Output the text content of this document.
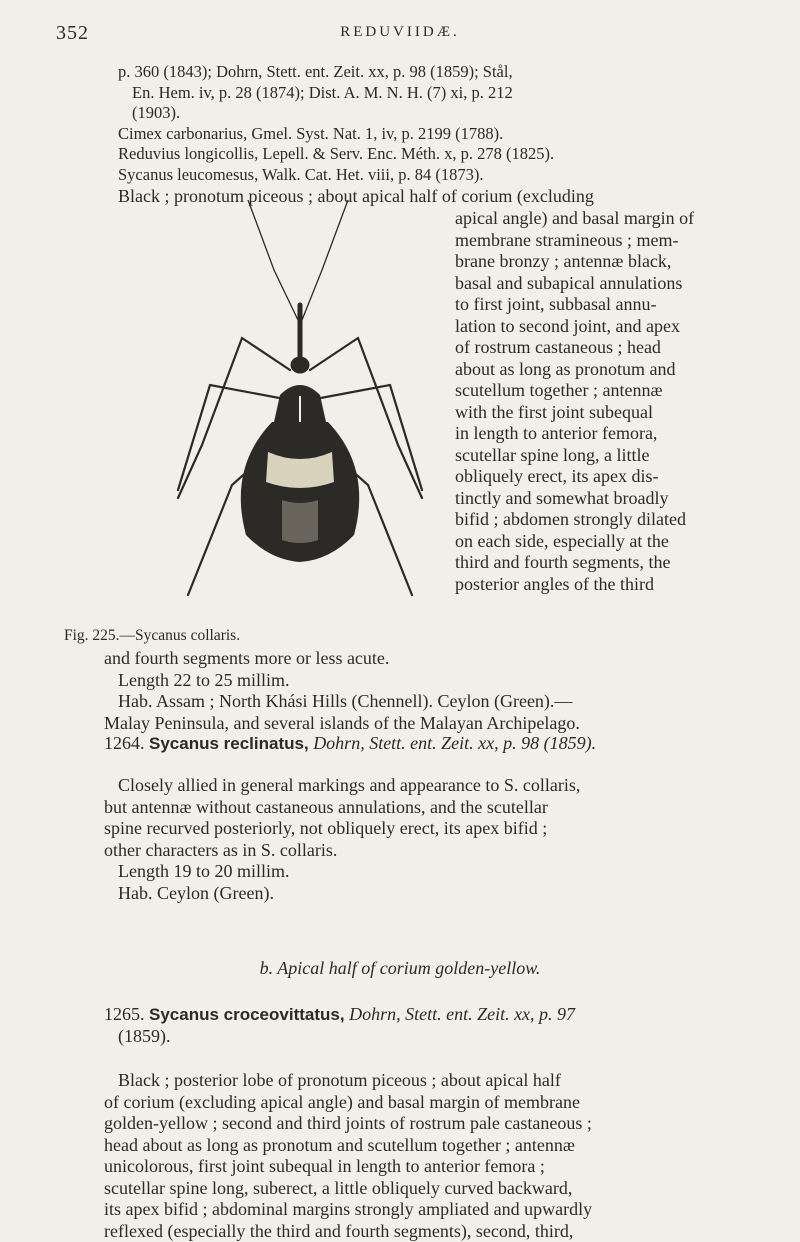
352	REDUVIIDÆ.
p. 360 (1843); Dohrn, Stett. ent. Zeit. xx, p. 98 (1859); Stål,
En. Hem. iv, p. 28 (1874); Dist. A. M. N. H. (7) xi, p. 212
(1903).
Cimex carbonarius, Gmel. Syst. Nat. 1, iv, p. 2199 (1788).
Reduvius longicollis, Lepell. & Serv. Enc. Méth. x, p. 278 (1825).
Sycanus leucomesus, Walk. Cat. Het. viii, p. 84 (1873).
Black ; pronotum piceous ; about apical half of corium (excluding
apical angle) and basal margin of
membrane stramineous ; mem-
brane bronzy ; antennæ black,
basal and subapical annulations
to first joint, subbasal annu-
lation to second joint, and apex
of rostrum castaneous ; head
about as long as pronotum and
scutellum together ; antennæ
with the first joint subequal
in length to anterior femora,
scutellar spine long, a little
obliquely erect, its apex dis-
tinctly and somewhat broadly
bifid ; abdomen strongly dilated
on each side, especially at the
third and fourth segments, the
posterior angles of the third
Fig. 225.—Sycanus collaris.
and fourth segments more or less acute.
Length 22 to 25 millim.
Hab. Assam ; North Khási Hills (Chennell). Ceylon (Green).—
Malay Peninsula, and several islands of the Malayan Archipelago.
1264. Sycanus reclinatus, Dohrn, Stett. ent. Zeit. xx, p. 98 (1859).
Closely allied in general markings and appearance to S. collaris,
but antennæ without castaneous annulations, and the scutellar
spine recurved posteriorly, not obliquely erect, its apex bifid ;
other characters as in S. collaris.
Length 19 to 20 millim.
Hab. Ceylon (Green).
b. Apical half of corium golden-yellow.
1265. Sycanus croceovittatus, Dohrn, Stett. ent. Zeit. xx, p. 97
(1859).
Black ; posterior lobe of pronotum piceous ; about apical half
of corium (excluding apical angle) and basal margin of membrane
golden-yellow ; second and third joints of rostrum pale castaneous ;
head about as long as pronotum and scutellum together ; antennæ
unicolorous, first joint subequal in length to anterior femora ;
scutellar spine long, suberect, a little obliquely curved backward,
its apex bifid ; abdominal margins strongly ampliated and upwardly
reflexed (especially the third and fourth segments), second, third,
